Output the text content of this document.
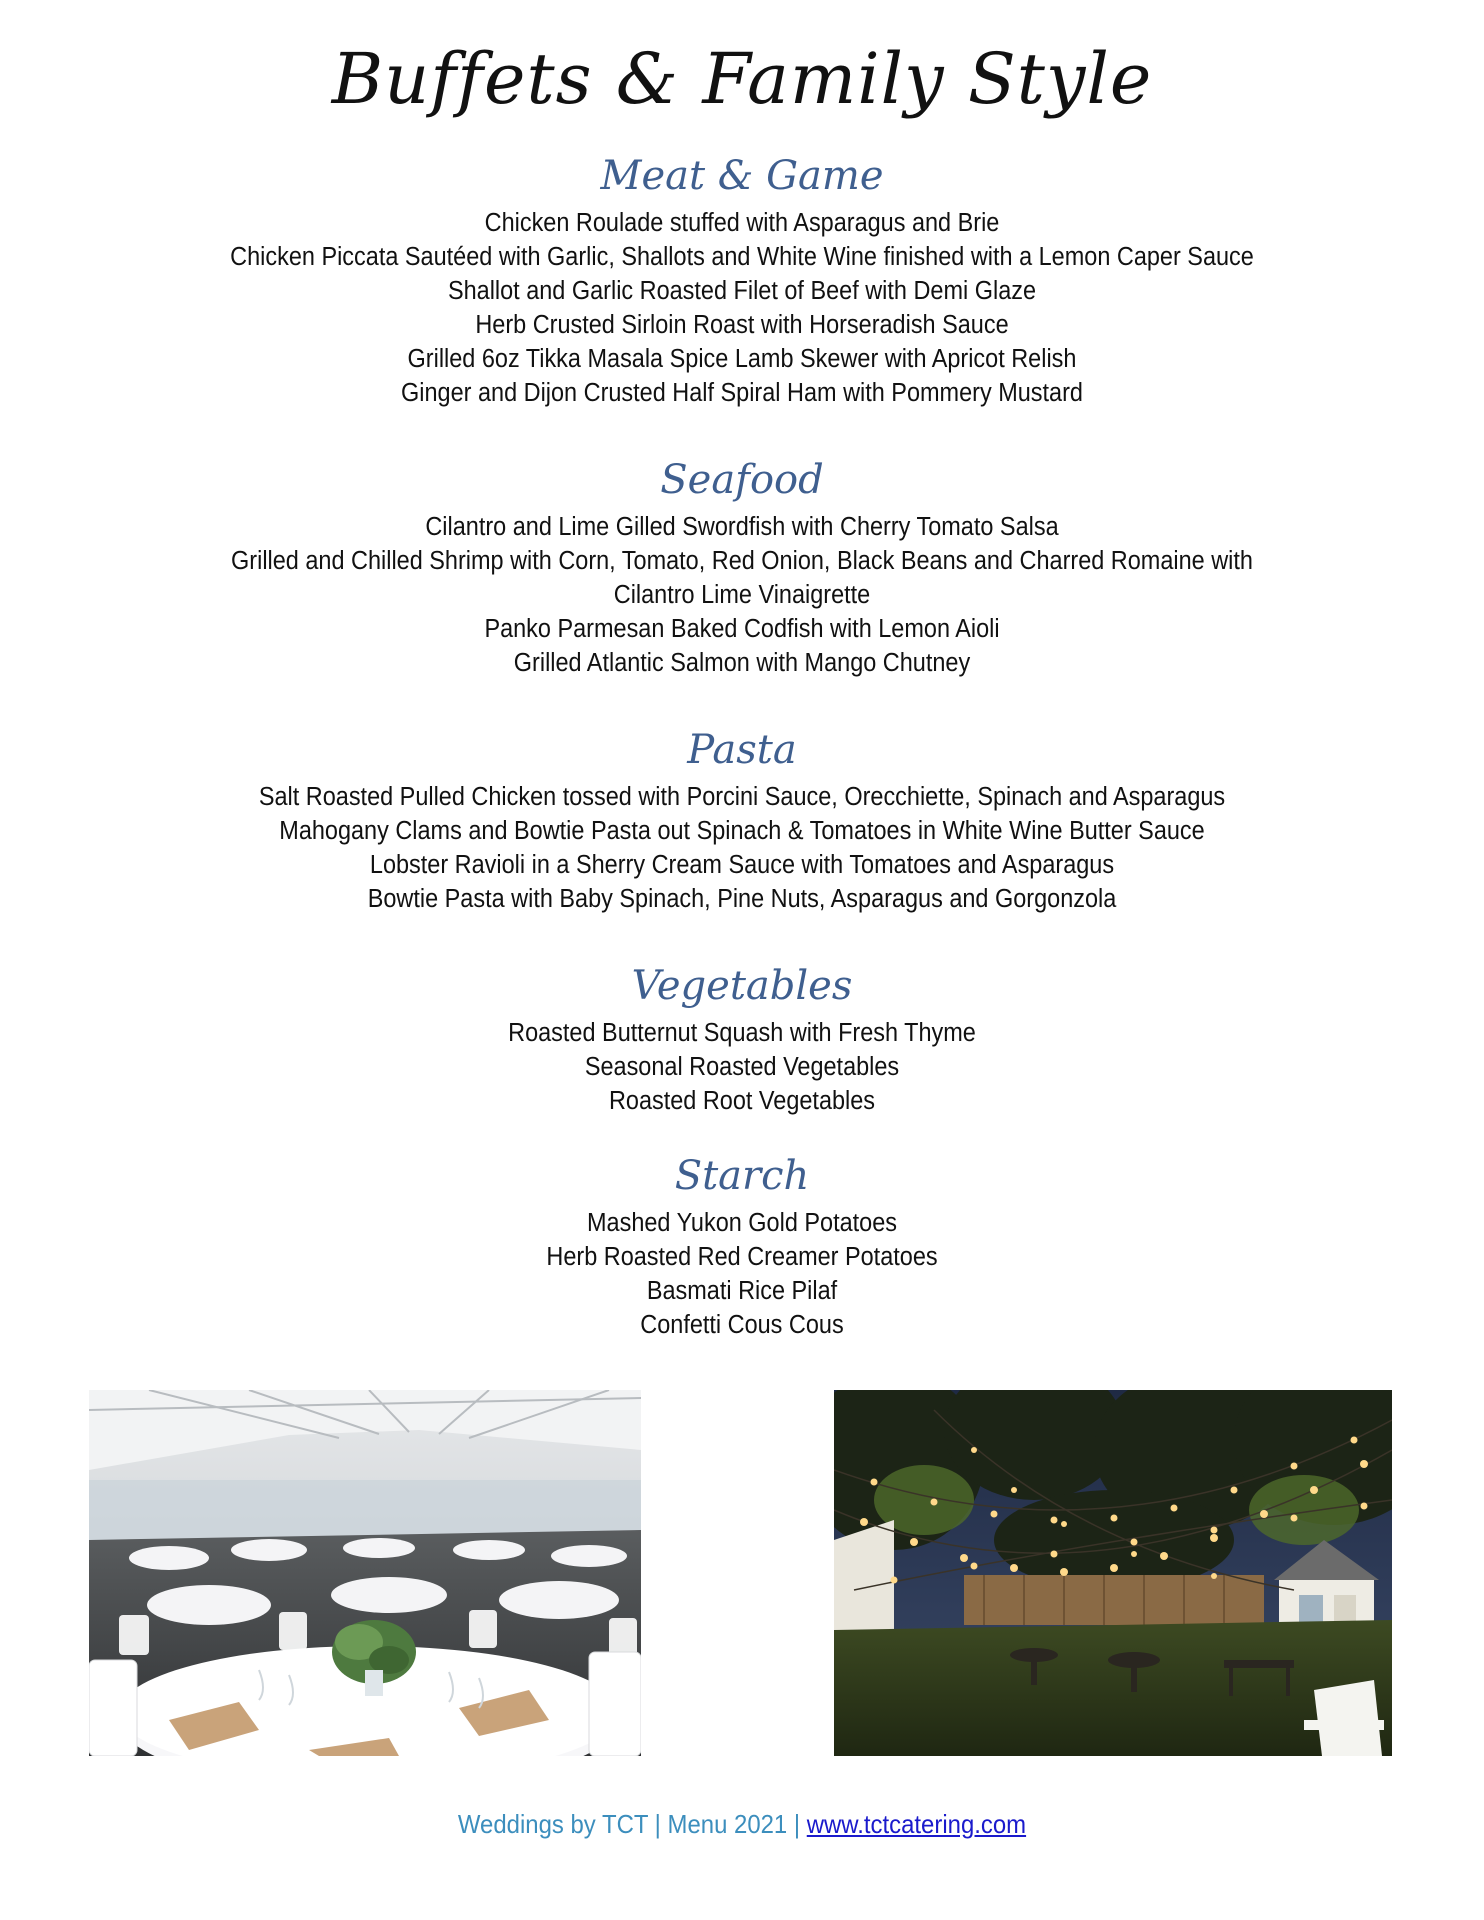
Buffets & Family Style
Meat & Game
Chicken Roulade stuffed with Asparagus and Brie
Chicken Piccata Sautéed with Garlic, Shallots and White Wine finished with a Lemon Caper Sauce
Shallot and Garlic Roasted Filet of Beef with Demi Glaze
Herb Crusted Sirloin Roast with Horseradish Sauce
Grilled 6oz Tikka Masala Spice Lamb Skewer with Apricot Relish
Ginger and Dijon Crusted Half Spiral Ham with Pommery Mustard
Seafood
Cilantro and Lime Gilled Swordfish with Cherry Tomato Salsa
Grilled and Chilled Shrimp with Corn, Tomato, Red Onion, Black Beans and Charred Romaine with Cilantro Lime Vinaigrette
Panko Parmesan Baked Codfish with Lemon Aioli
Grilled Atlantic Salmon with Mango Chutney
Pasta
Salt Roasted Pulled Chicken tossed with Porcini Sauce, Orecchiette, Spinach and Asparagus
Mahogany Clams and Bowtie Pasta out Spinach & Tomatoes in White Wine Butter Sauce
Lobster Ravioli in a Sherry Cream Sauce with Tomatoes and Asparagus
Bowtie Pasta with Baby Spinach, Pine Nuts, Asparagus and Gorgonzola
Vegetables
Roasted Butternut Squash with Fresh Thyme
Seasonal Roasted Vegetables
Roasted Root Vegetables
Starch
Mashed Yukon Gold Potatoes
Herb Roasted Red Creamer Potatoes
Basmati Rice Pilaf
Confetti Cous Cous
Weddings by TCT | Menu 2021 | www.tctcatering.com
